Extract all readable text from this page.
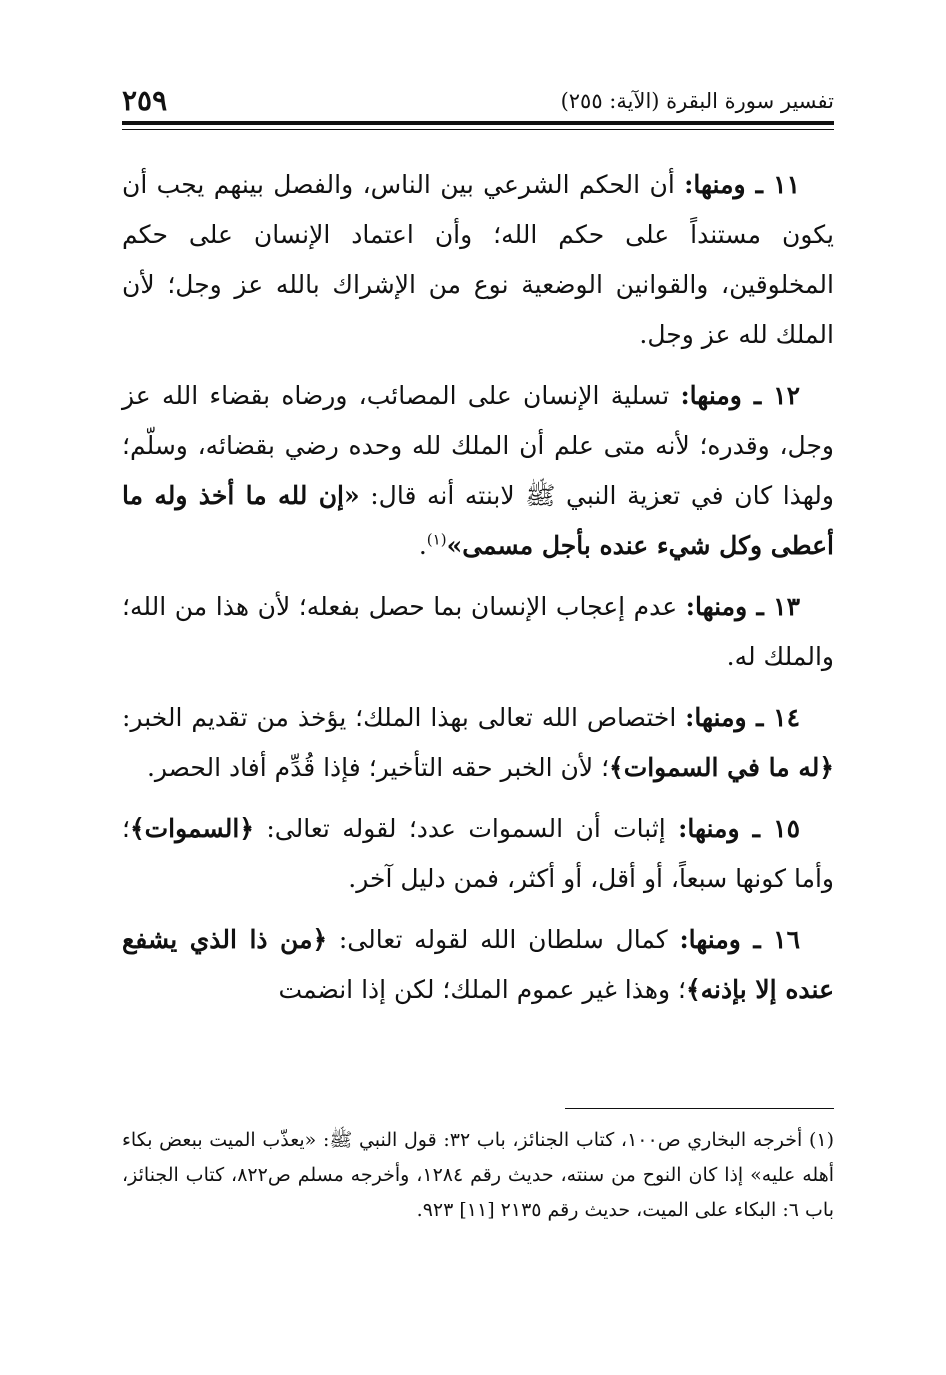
تفسير سورة البقرة (الآية: ٢٥٥)
٢٥٩

١١ ـ ومنها: أن الحكم الشرعي بين الناس، والفصل بينهم يجب أن يكون مستنداً على حكم الله؛ وأن اعتماد الإنسان على حكم المخلوقين، والقوانين الوضعية نوع من الإشراك بالله عز وجل؛ لأن الملك لله عز وجل.

١٢ ـ ومنها: تسلية الإنسان على المصائب، ورضاه بقضاء الله عز وجل، وقدره؛ لأنه متى علم أن الملك لله وحده رضي بقضائه، وسلّم؛ ولهذا كان في تعزية النبي ﷺ لابنته أنه قال: «إن لله ما أخذ وله ما أعطى وكل شيء عنده بأجل مسمى»$^{(١)}$.

١٣ ـ ومنها: عدم إعجاب الإنسان بما حصل بفعله؛ لأن هذا من الله؛ والملك له.

١٤ ـ ومنها: اختصاص الله تعالى بهذا الملك؛ يؤخذ من تقديم الخبر: ﴿له ما في السموات﴾؛ لأن الخبر حقه التأخير؛ فإذا قُدِّم أفاد الحصر.

١٥ ـ ومنها: إثبات أن السموات عدد؛ لقوله تعالى: ﴿السموات﴾؛ وأما كونها سبعاً، أو أقل، أو أكثر، فمن دليل آخر.

١٦ ـ ومنها: كمال سلطان الله لقوله تعالى: ﴿من ذا الذي يشفع عنده إلا بإذنه﴾؛ وهذا غير عموم الملك؛ لكن إذا انضمت

(١) أخرجه البخاري ص١٠٠، كتاب الجنائز، باب ٣٢: قول النبي ﷺ: «يعذّب الميت ببعض بكاء أهله عليه» إذا كان النوح من سنته، حديث رقم ١٢٨٤، وأخرجه مسلم ص٨٢٢، كتاب الجنائز، باب ٦: البكاء على الميت، حديث رقم ٢١٣٥ [١١] ٩٢٣.
